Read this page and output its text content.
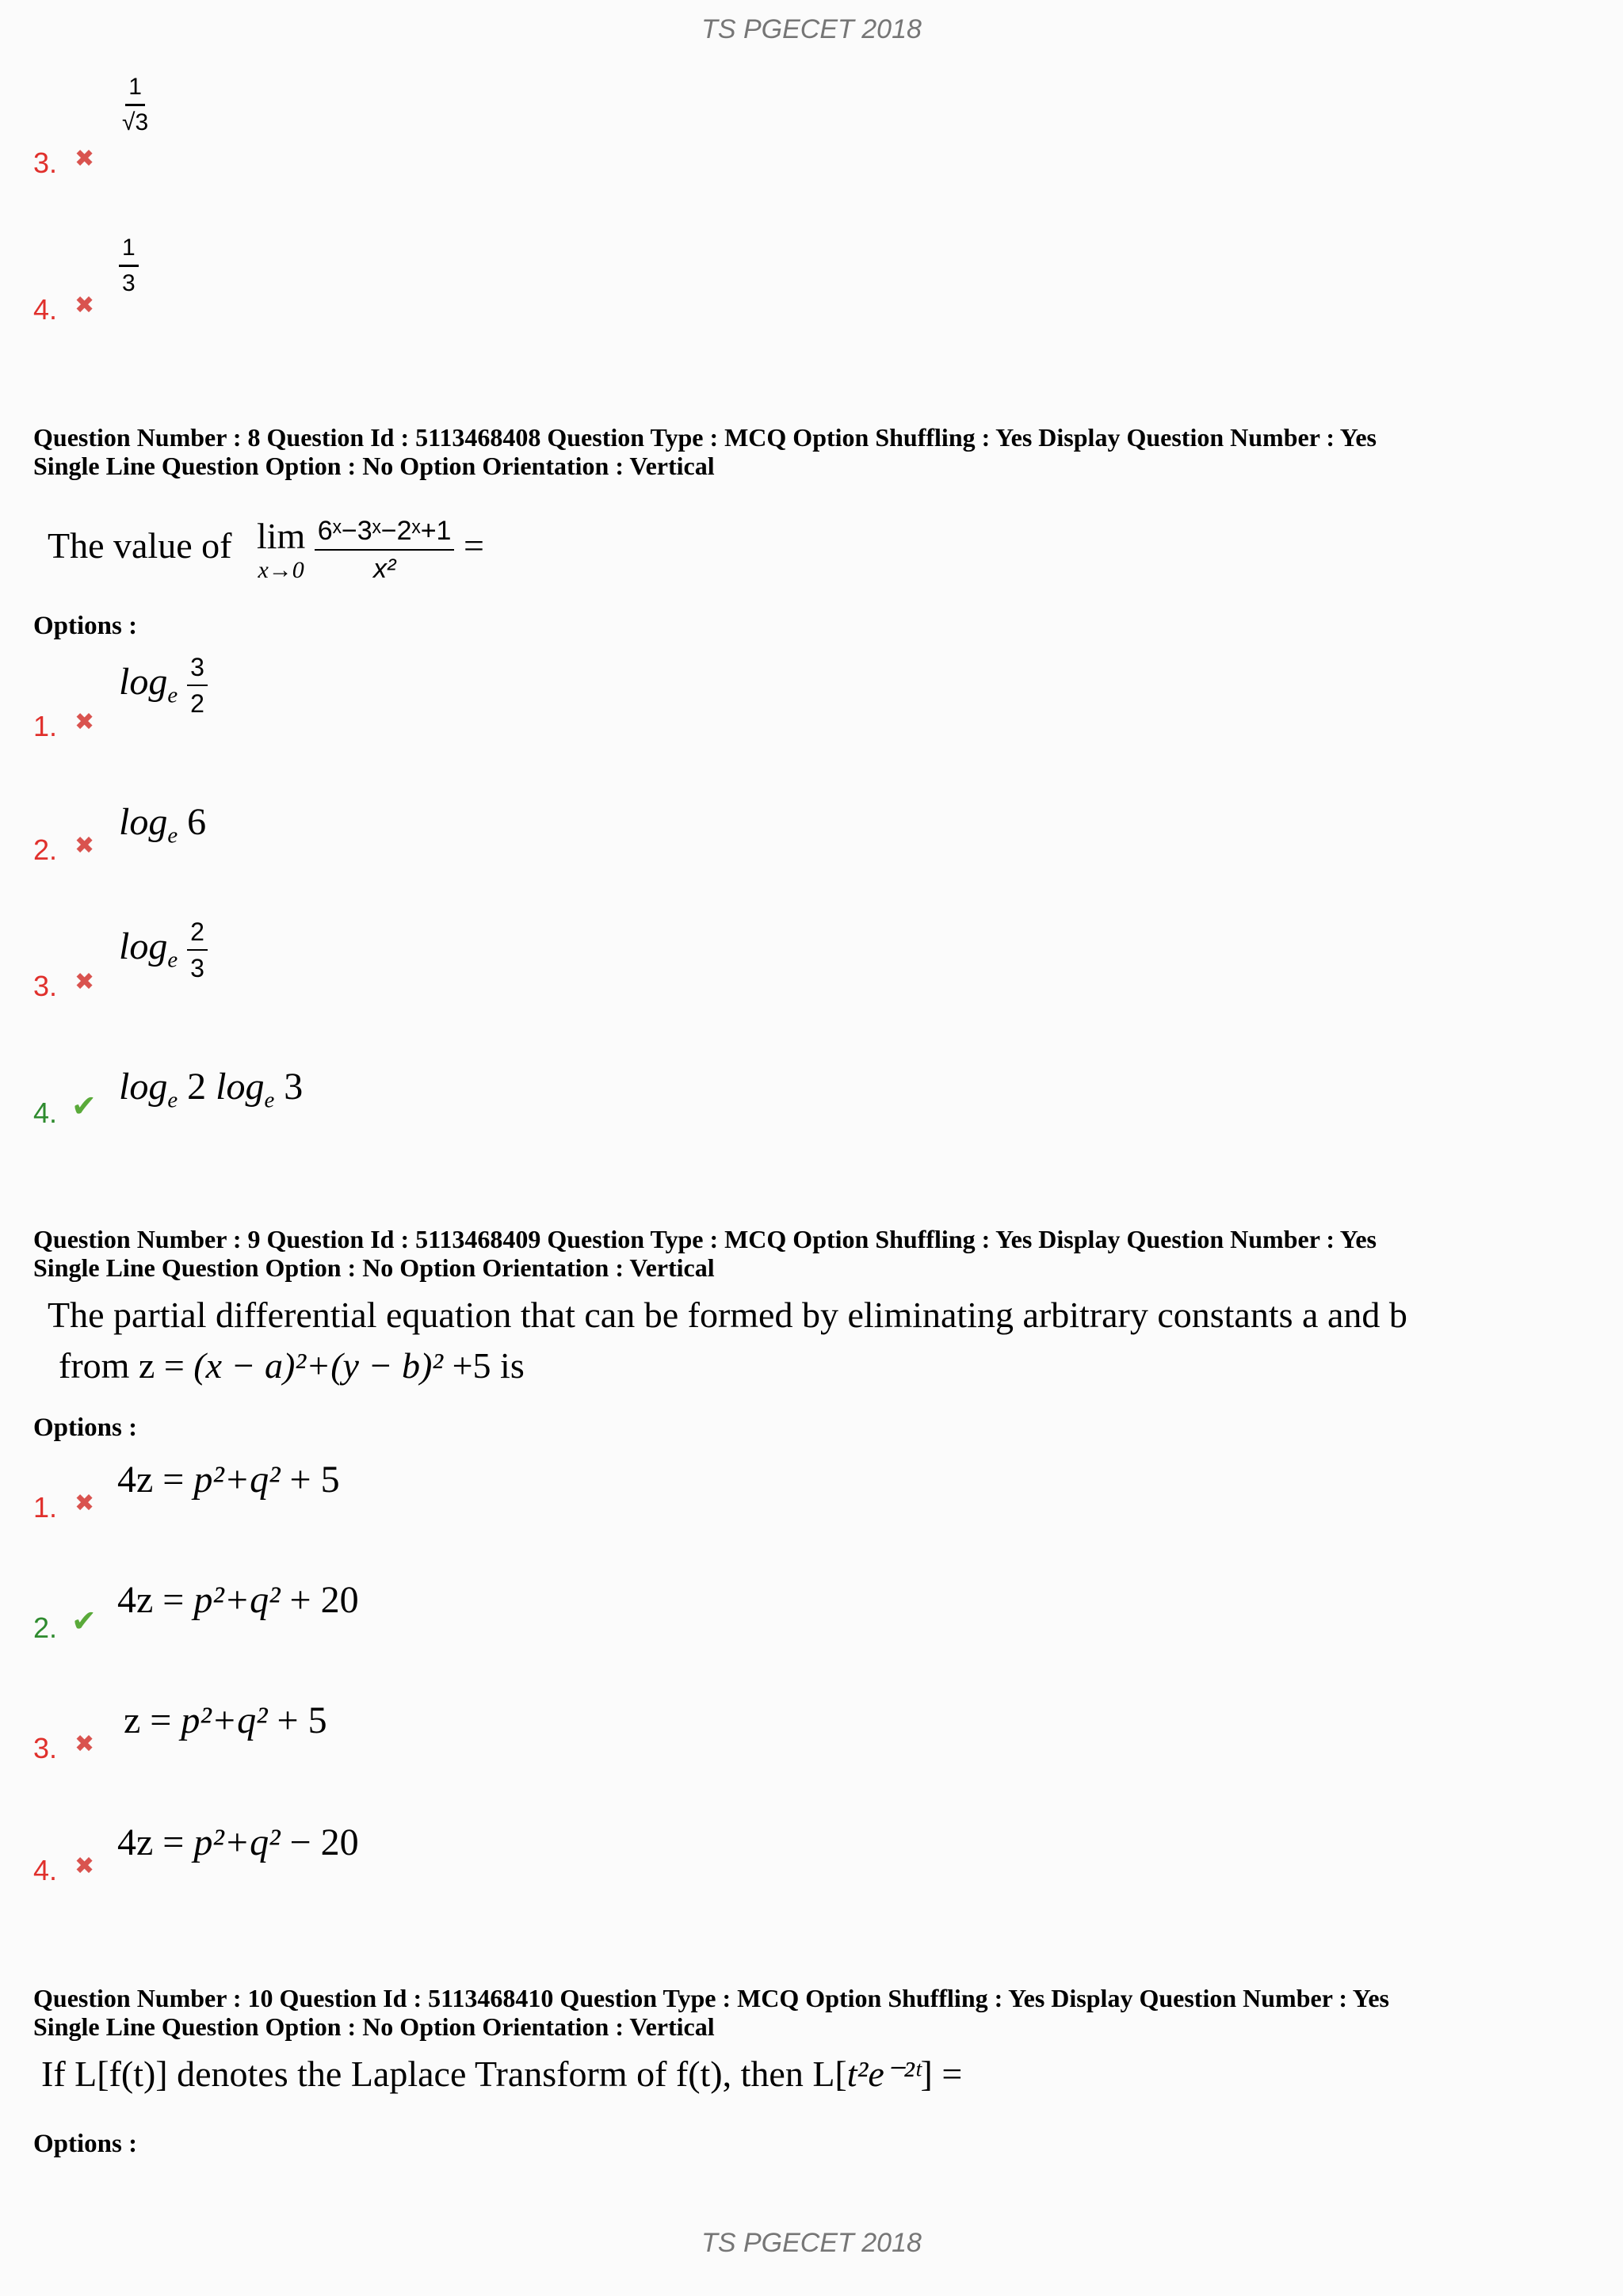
TS PGECET 2018
$\frac{1}{√3}$
3. ✖
$\frac{1}{3}$
4. ✖
Question Number : 8 Question Id : 5113468408 Question Type : MCQ Option Shuffling : Yes Display Question Number : Yes
Single Line Question Option : No Option Orientation : Vertical
The value of lim
x→0
$\frac{\text{6ˣ−3ˣ−2ˣ+1}}{\text{x²}}$ =
Options :
$\log_e \frac{3}{2}$
1. ✖
$\log_e 6$
2. ✖
$\log_e \frac{2}{3}$
3. ✖
$\log_e 2$ $\log_e 3$
4. ✔
Question Number : 9 Question Id : 5113468409 Question Type : MCQ Option Shuffling : Yes Display Question Number : Yes
Single Line Question Option : No Option Orientation : Vertical
The partial differential equation that can be formed by eliminating arbitrary constants a and b
from z = (x − a)²+(y − b)² +5 is
Options :
4z = p²+q² + 5
1. ✖
4z = p²+q² + 20
2. ✔
z = p²+q² + 5
3. ✖
4z = p²+q² − 20
4. ✖
Question Number : 10 Question Id : 5113468410 Question Type : MCQ Option Shuffling : Yes Display Question Number : Yes
Single Line Question Option : No Option Orientation : Vertical
If L[f(t)] denotes the Laplace Transform of f(t), then L[t²e⁻²ᵗ] =
Options :
TS PGECET 2018
